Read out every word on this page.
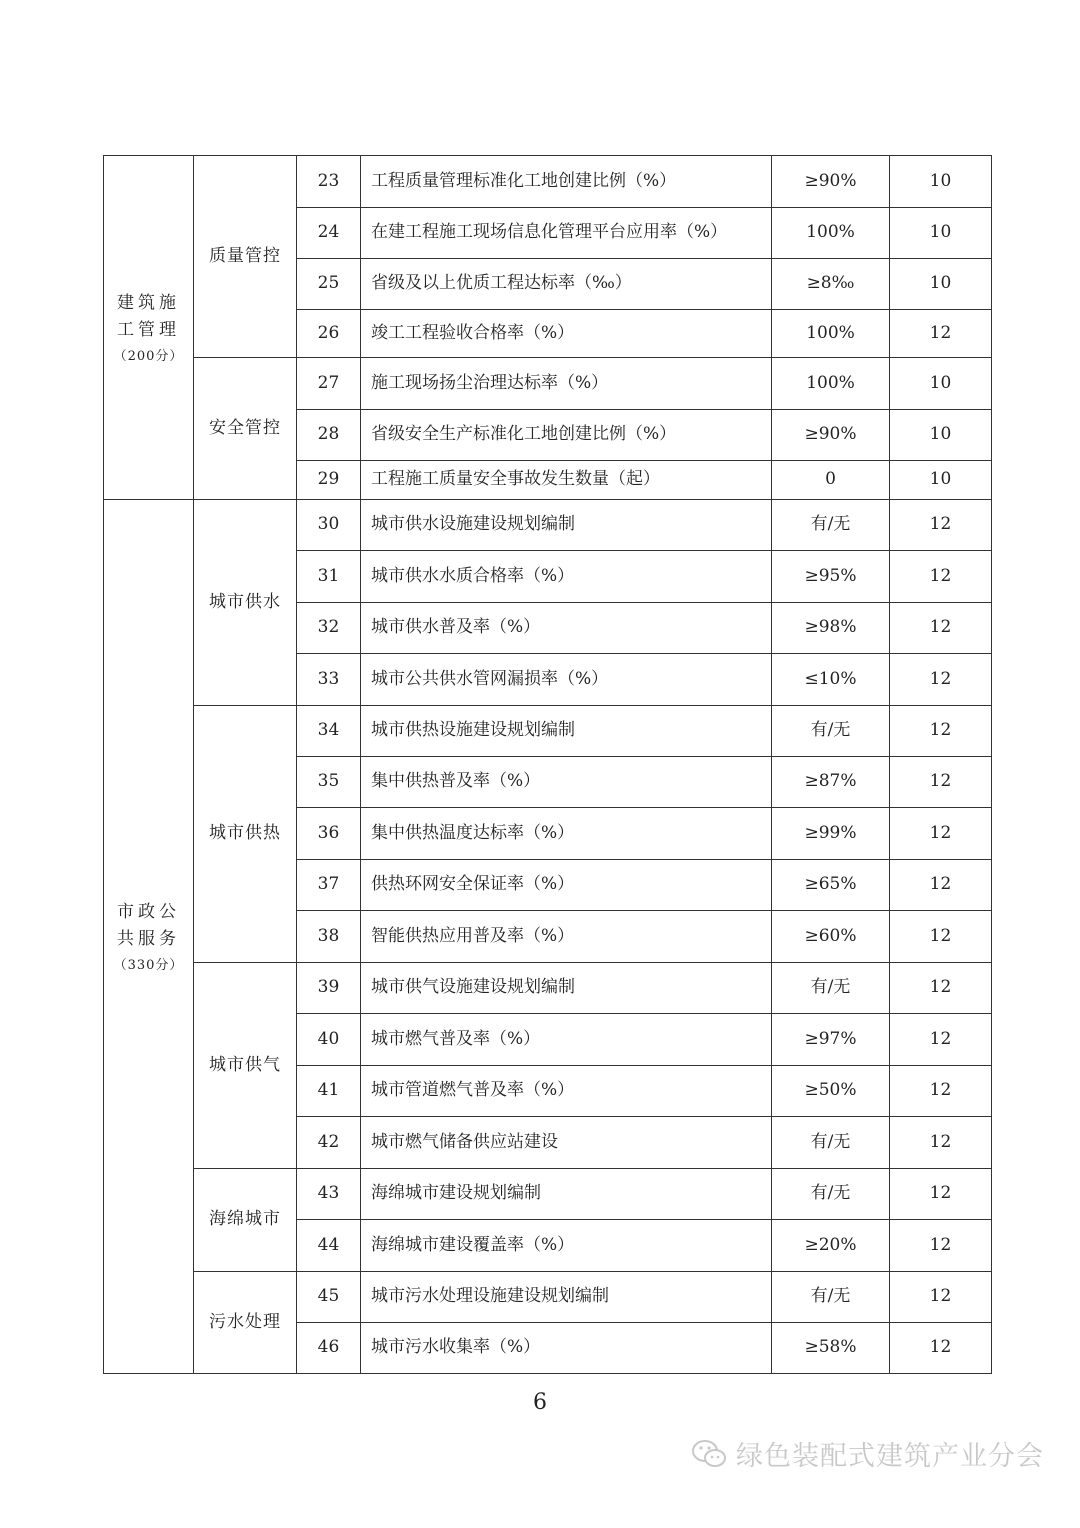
建筑施
工管理
（200分）	质量管控	23	工程质量管理标准化工地创建比例（%）	≥90%	10
		24	在建工程施工现场信息化管理平台应用率（%）	100%	10
		25	省级及以上优质工程达标率（‰）	≥8‰	10
		26	竣工工程验收合格率（%）	100%	12
	安全管控	27	施工现场扬尘治理达标率（%）	100%	10
		28	省级安全生产标准化工地创建比例（%）	≥90%	10
		29	工程施工质量安全事故发生数量（起）	0	10

市政公
共服务
（330分）	城市供水	30	城市供水设施建设规划编制	有/无	12
		31	城市供水水质合格率（%）	≥95%	12
		32	城市供水普及率（%）	≥98%	12
		33	城市公共供水管网漏损率（%）	≤10%	12
	城市供热	34	城市供热设施建设规划编制	有/无	12
		35	集中供热普及率（%）	≥87%	12
		36	集中供热温度达标率（%）	≥99%	12
		37	供热环网安全保证率（%）	≥65%	12
		38	智能供热应用普及率（%）	≥60%	12
	城市供气	39	城市供气设施建设规划编制	有/无	12
		40	城市燃气普及率（%）	≥97%	12
		41	城市管道燃气普及率（%）	≥50%	12
		42	城市燃气储备供应站建设	有/无	12
	海绵城市	43	海绵城市建设规划编制	有/无	12
		44	海绵城市建设覆盖率（%）	≥20%	12
	污水处理	45	城市污水处理设施建设规划编制	有/无	12
		46	城市污水收集率（%）	≥58%	12
6
绿色装配式建筑产业分会
